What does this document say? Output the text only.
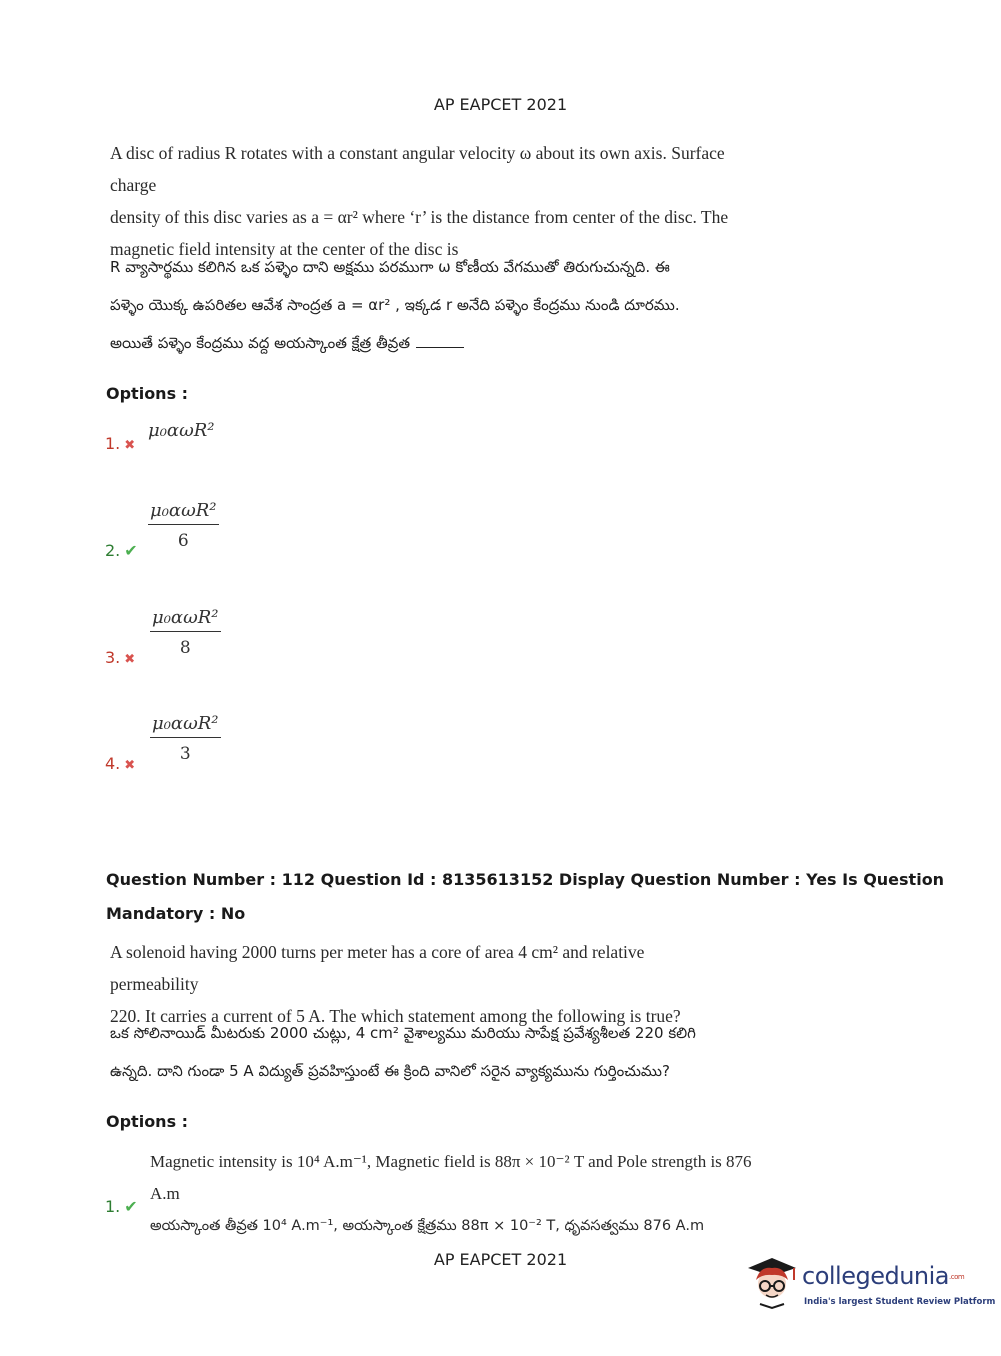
AP EAPCET 2021
A disc of radius R rotates with a constant angular velocity ω about its own axis. Surface charge
density of this disc varies as a = αr² where ‘r’ is the distance from center of the disc. The
magnetic field intensity at the center of the disc is
R వ్యాసార్థము కలిగిన ఒక పళ్ళెం దాని అక్షము పరముగా ω కోణీయ వేగముతో తిరుగుచున్నది. ఈ
పళ్ళెం యొక్క ఉపరితల ఆవేశ సాంద్రత a = αr² , ఇక్కడ r అనేది పళ్ళెం కేంద్రము నుండి దూరము.
అయితే పళ్ళెం కేంద్రము వద్ద అయస్కాంత క్షేత్ర తీవ్రత
Options :
1. ✖
μ₀αωR²
2. ✔
μ₀αωR²
6
3. ✖
μ₀αωR²
8
4. ✖
μ₀αωR²
3
Question Number : 112 Question Id : 8135613152 Display Question Number : Yes Is Question
Mandatory : No
A solenoid having 2000 turns per meter has a core of area 4 cm² and relative permeability
220. It carries a current of 5 A. The which statement among the following is true?
ఒక సోలినాయిడ్ మీటరుకు 2000 చుట్లు, 4 cm² వైశాల్యము మరియు సాపేక్ష ప్రవేశ్యశీలత 220 కలిగి
ఉన్నది. దాని గుండా 5 A విద్యుత్ ప్రవహిస్తుంటే ఈ క్రింది వానిలో సరైన వ్యాక్యమును గుర్తించుము?
Options :
Magnetic intensity is 10⁴ A.m⁻¹, Magnetic field is 88π × 10⁻² T and Pole strength is 876 A.m
అయస్కాంత తీవ్రత 10⁴ A.m⁻¹, అయస్కాంత క్షేత్రము 88π × 10⁻² T, ధృవసత్వము 876 A.m
1. ✔
AP EAPCET 2021
collegedunia.com
India's largest Student Review Platform
